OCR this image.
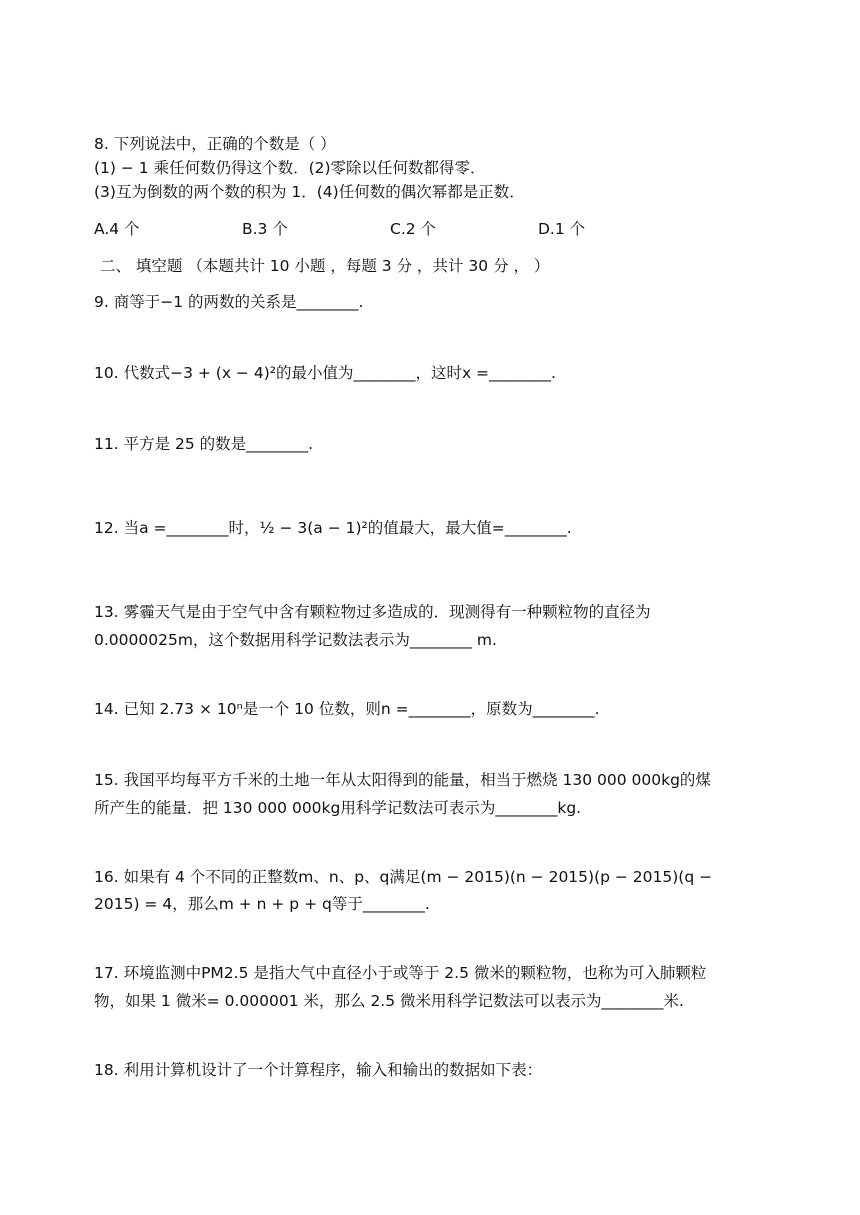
8. 下列说法中，正确的个数是（ ）
(1) − 1 乘任何数仍得这个数．(2)零除以任何数都得零．
(3)互为倒数的两个数的积为 1．(4)任何数的偶次幂都是正数．
A.4 个	B.3 个	C.2 个	D.1 个
二、 填空题 （本题共计 10 小题 ，每题 3 分 ，共计 30 分 ， ）
9. 商等于−1 的两数的关系是________.
10. 代数式−3 + (x − 4)²的最小值为________，这时x =________.
11. 平方是 25 的数是________.
12. 当a =________时，½ − 3(a − 1)²的值最大，最大值=________.
13. 雾霾天气是由于空气中含有颗粒物过多造成的．现测得有一种颗粒物的直径为
0.0000025m，这个数据用科学记数法表示为________ m.
14. 已知 2.73 × 10ⁿ是一个 10 位数，则n =________，原数为________.
15. 我国平均每平方千米的土地一年从太阳得到的能量，相当于燃烧 130 000 000kg的煤
所产生的能量．把 130 000 000kg用科学记数法可表示为________kg.
16. 如果有 4 个不同的正整数m、n、p、q满足(m − 2015)(n − 2015)(p − 2015)(q −
2015) = 4，那么m + n + p + q等于________.
17. 环境监测中PM2.5 是指大气中直径小于或等于 2.5 微米的颗粒物，也称为可入肺颗粒
物，如果 1 微米= 0.000001 米，那么 2.5 微米用科学记数法可以表示为________米.
18. 利用计算机设计了一个计算程序，输入和输出的数据如下表：
